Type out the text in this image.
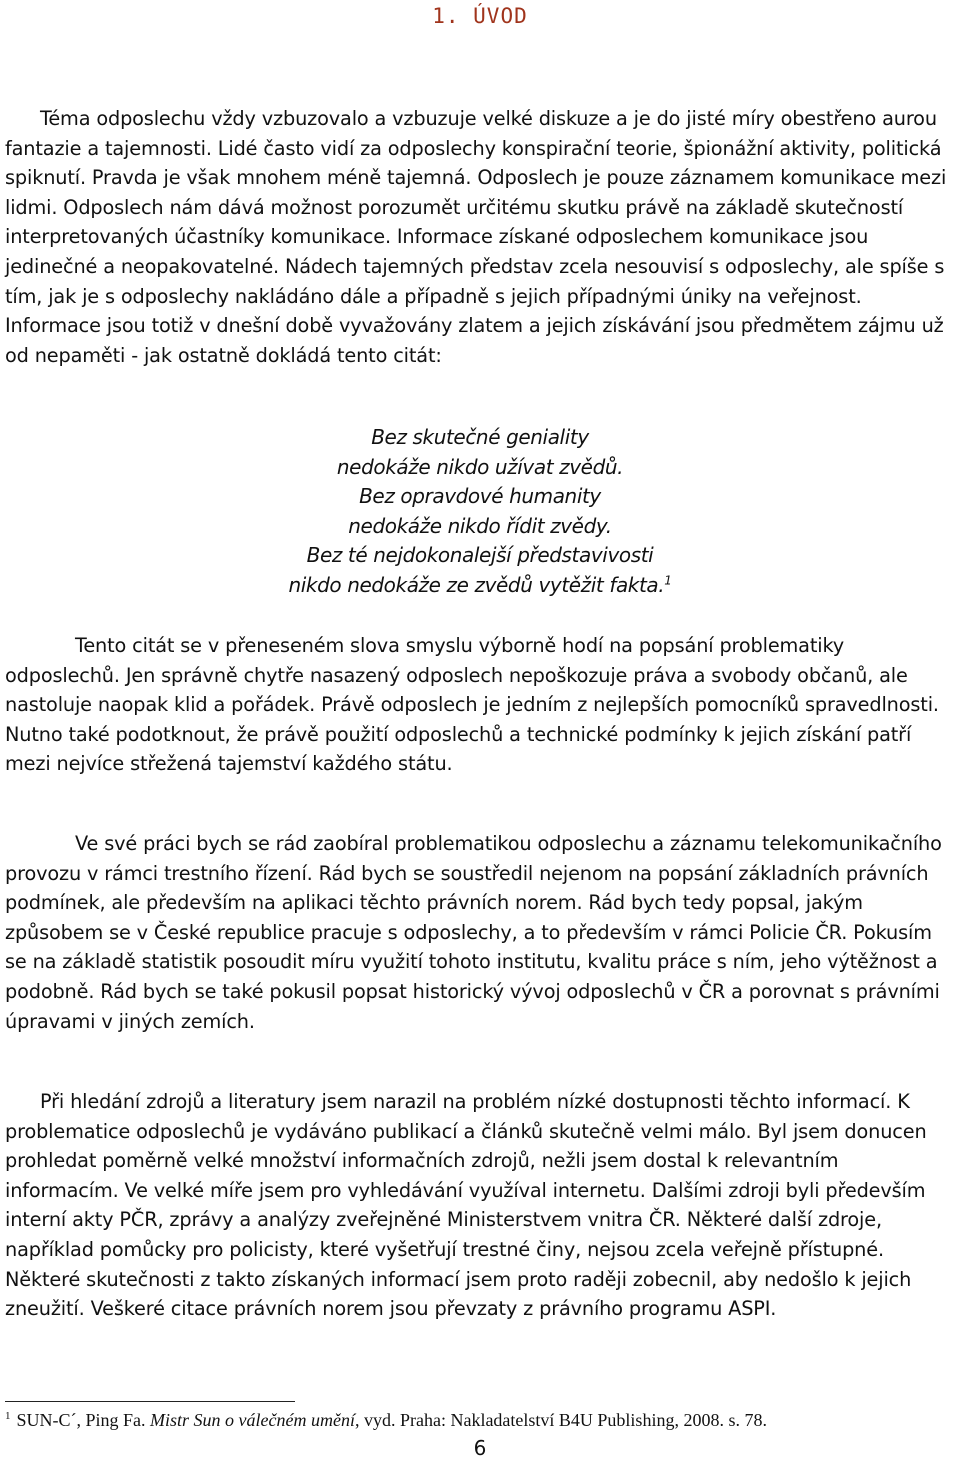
1. ÚVOD

Téma odposlechu vždy vzbuzovalo a vzbuzuje velké diskuze a je do jisté míry obestřeno aurou fantazie a tajemnosti. Lidé často vidí za odposlechy konspirační teorie, špionážní aktivity, politická spiknutí. Pravda je však mnohem méně tajemná. Odposlech je pouze záznamem komunikace mezi lidmi. Odposlech nám dává možnost porozumět určitému skutku právě na základě skutečností interpretovaných účastníky komunikace. Informace získané odposlechem komunikace jsou jedinečné a neopakovatelné. Nádech tajemných představ zcela nesouvisí s odposlechy, ale spíše s tím, jak je s odposlechy nakládáno dále a případně s jejich případnými úniky na veřejnost. Informace jsou totiž v dnešní době vyvažovány zlatem a jejich získávání jsou předmětem zájmu už od nepaměti - jak ostatně dokládá tento citát:

Bez skutečné geniality
nedokáže nikdo užívat zvědů.
Bez opravdové humanity
nedokáže nikdo řídit zvědy.
Bez té nejdokonalejší představivosti
nikdo nedokáže ze zvědů vytěžit fakta.$^1$

Tento citát se v přeneseném slova smyslu výborně hodí na popsání problematiky odposlechů. Jen správně chytře nasazený odposlech nepoškozuje práva a svobody občanů, ale nastoluje naopak klid a pořádek. Právě odposlech je jedním z nejlepších pomocníků spravedlnosti. Nutno také podotknout, že právě použití odposlechů a technické podmínky k jejich získání patří mezi nejvíce střežená tajemství každého státu.

Ve své práci bych se rád zaobíral problematikou odposlechu a záznamu telekomunikačního provozu v rámci trestního řízení. Rád bych se soustředil nejenom na popsání základních právních podmínek, ale především na aplikaci těchto právních norem. Rád bych tedy popsal, jakým způsobem se v České republice pracuje s odposlechy, a to především v rámci Policie ČR. Pokusím se na základě statistik posoudit míru využití tohoto institutu, kvalitu práce s ním, jeho výtěžnost a podobně. Rád bych se také pokusil popsat historický vývoj odposlechů v ČR a porovnat s právními úpravami v jiných zemích.

Při hledání zdrojů a literatury jsem narazil na problém nízké dostupnosti těchto informací. K problematice odposlechů je vydáváno publikací a článků skutečně velmi málo. Byl jsem donucen prohledat poměrně velké množství informačních zdrojů, nežli jsem dostal k relevantním informacím. Ve velké míře jsem pro vyhledávání využíval internetu. Dalšími zdroji byli především interní akty PČR, zprávy a analýzy zveřejněné Ministerstvem vnitra ČR. Některé další zdroje, například pomůcky pro policisty, které vyšetřují trestné činy, nejsou zcela veřejně přístupné. Některé skutečnosti z takto získaných informací jsem proto raději zobecnil, aby nedošlo k jejich zneužití. Veškeré citace právních norem jsou převzaty z právního programu ASPI.

$^1$ SUN-C´, Ping Fa. Mistr Sun o válečném umění, vyd. Praha: Nakladatelství B4U Publishing, 2008. s. 78.
6
